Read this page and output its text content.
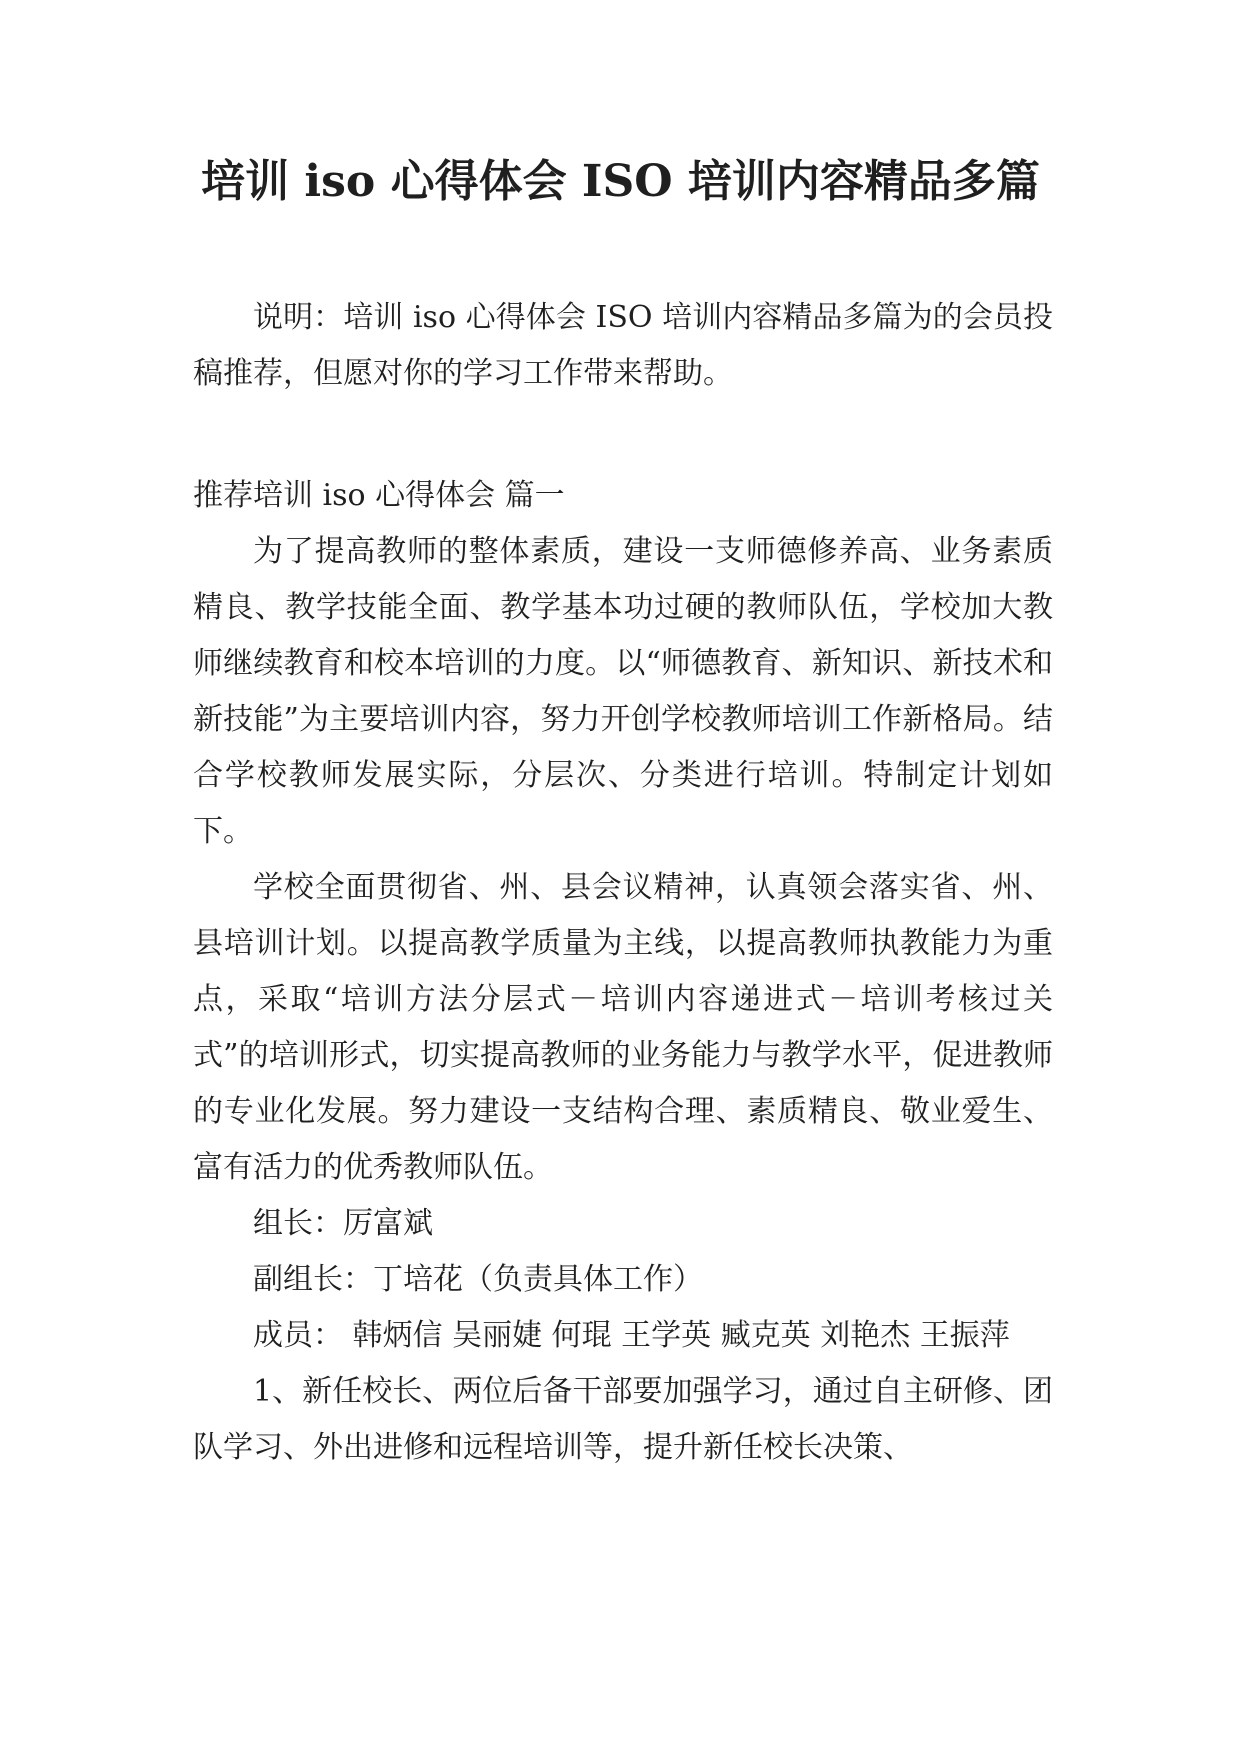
培训 iso 心得体会 ISO 培训内容精品多篇

说明：培训 iso 心得体会 ISO 培训内容精品多篇为的会员投稿推荐，但愿对你的学习工作带来帮助。

推荐培训 iso 心得体会 篇一

为了提高教师的整体素质，建设一支师德修养高、业务素质精良、教学技能全面、教学基本功过硬的教师队伍，学校加大教师继续教育和校本培训的力度。以“师德教育、新知识、新技术和新技能”为主要培训内容，努力开创学校教师培训工作新格局。结合学校教师发展实际，分层次、分类进行培训。特制定计划如下。

学校全面贯彻省、州、县会议精神，认真领会落实省、州、县培训计划。以提高教学质量为主线，以提高教师执教能力为重点，采取“培训方法分层式－培训内容递进式－培训考核过关式”的培训形式，切实提高教师的业务能力与教学水平，促进教师的专业化发展。努力建设一支结构合理、素质精良、敬业爱生、富有活力的优秀教师队伍。

组长：厉富斌

副组长：丁培花（负责具体工作）

成员： 韩炳信 吴丽婕 何琨 王学英 臧克英 刘艳杰 王振萍

1、新任校长、两位后备干部要加强学习，通过自主研修、团队学习、外出进修和远程培训等，提升新任校长决策、
